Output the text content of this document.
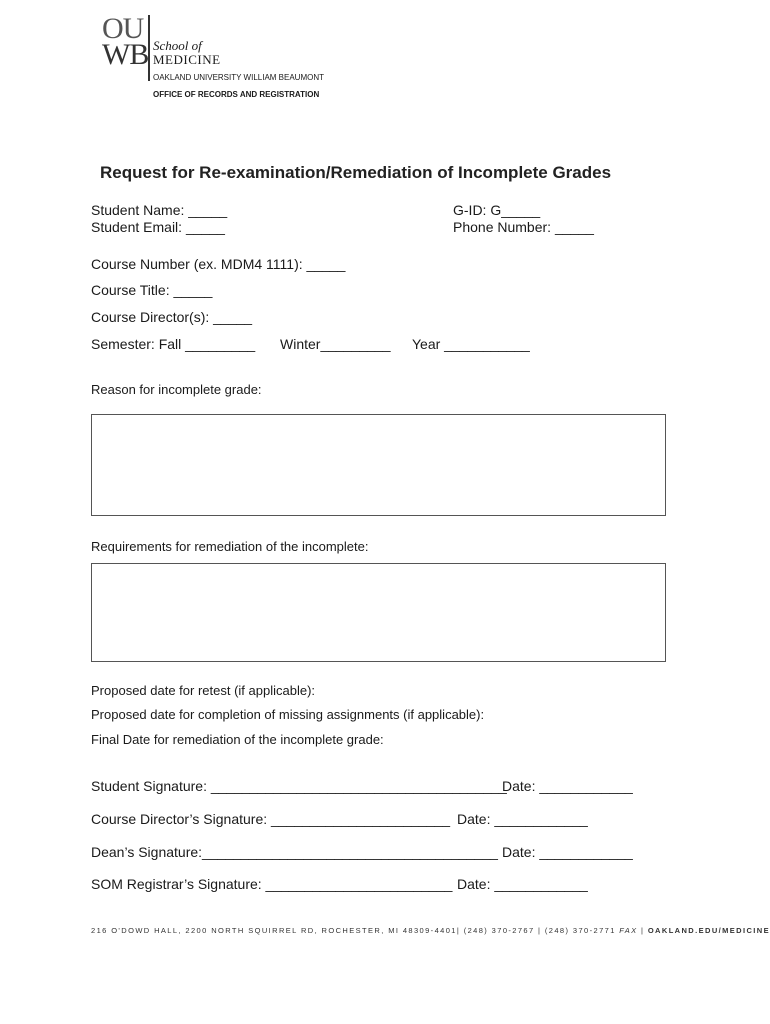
OU
WB School of
MEDICINE
OAKLAND UNIVERSITY WILLIAM BEAUMONT
OFFICE OF RECORDS AND REGISTRATION
Request for Re-examination/Remediation of Incomplete Grades
Student Name: _____
Student Email: _____
G-ID: G_____
Phone Number: _____
Course Number (ex. MDM4 1111): _____
Course Title: _____
Course Director(s): _____
Semester: Fall _________ Winter_________ Year ___________
Reason for incomplete grade:
Requirements for remediation of the incomplete:
Proposed date for retest (if applicable):
Proposed date for completion of missing assignments (if applicable):
Final Date for remediation of the incomplete grade:
Student Signature: ______________________________________
Date: ____________
Course Director’s Signature: _______________________ Date: ____________
Dean’s Signature:______________________________________ Date: ____________
SOM Registrar’s Signature: ________________________ Date: ____________
216 O'DOWD HALL, 2200 NORTH SQUIRREL RD, ROCHESTER, MI 48309-4401| (248) 370-2767 | (248) 370-2771 FAX | OAKLAND.EDU/MEDICINE
